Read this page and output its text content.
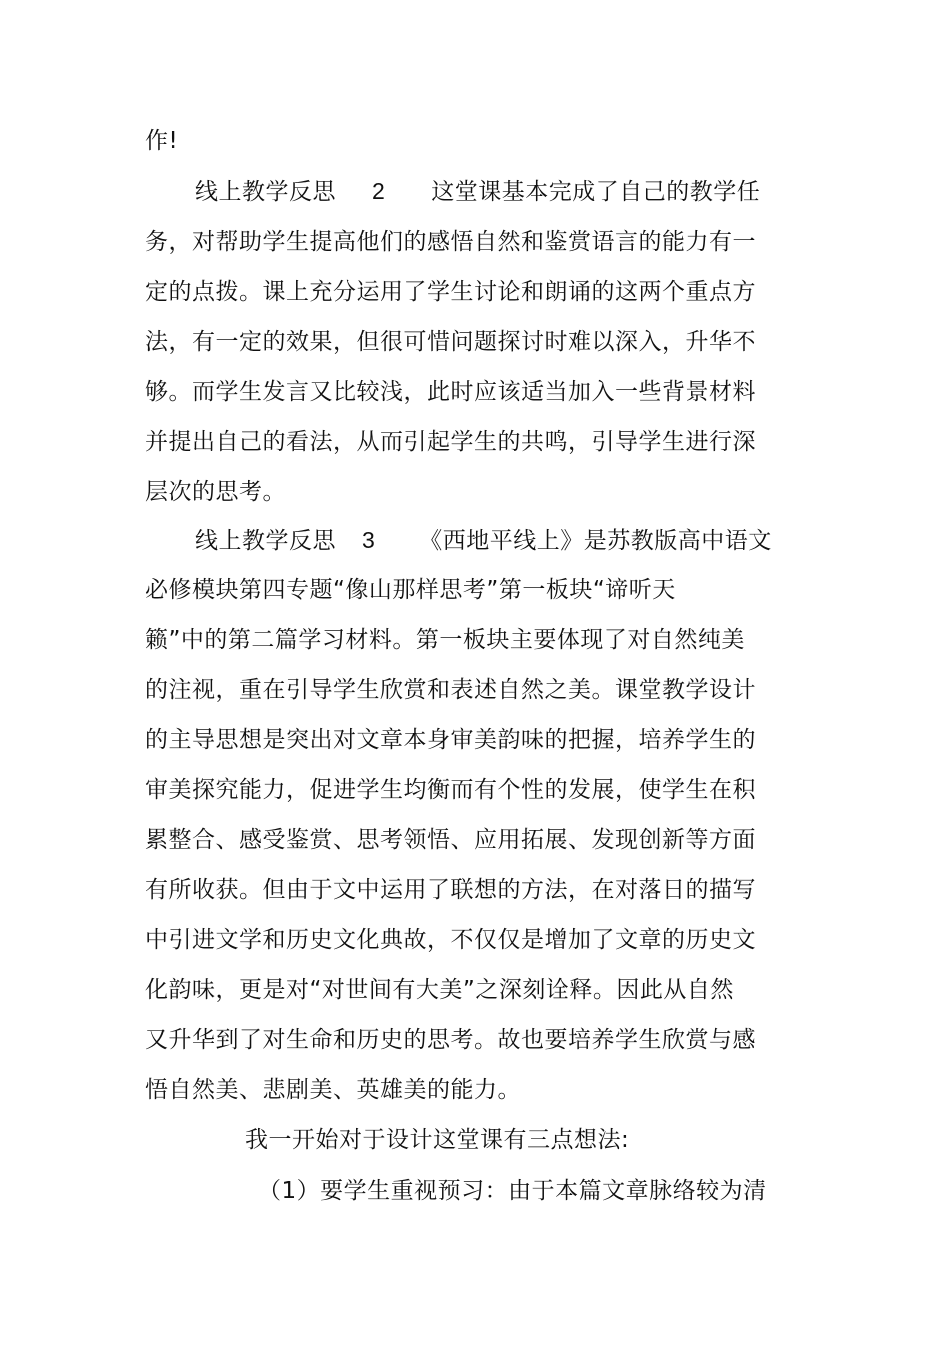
作!
线上教学反思 2 这堂课基本完成了自己的教学任
务，对帮助学生提高他们的感悟自然和鉴赏语言的能力有一
定的点拨。课上充分运用了学生讨论和朗诵的这两个重点方
法，有一定的效果，但很可惜问题探讨时难以深入，升华不
够。而学生发言又比较浅，此时应该适当加入一些背景材料
并提出自己的看法，从而引起学生的共鸣，引导学生进行深
层次的思考。
线上教学反思 3 《西地平线上》是苏教版高中语文
必修模块第四专题“像山那样思考”第一板块“谛听天
籁”中的第二篇学习材料。第一板块主要体现了对自然纯美
的注视，重在引导学生欣赏和表述自然之美。课堂教学设计
的主导思想是突出对文章本身审美韵味的把握，培养学生的
审美探究能力，促进学生均衡而有个性的发展，使学生在积
累整合、感受鉴赏、思考领悟、应用拓展、发现创新等方面
有所收获。但由于文中运用了联想的方法，在对落日的描写
中引进文学和历史文化典故，不仅仅是增加了文章的历史文
化韵味，更是对“对世间有大美”之深刻诠释。因此从自然
又升华到了对生命和历史的思考。故也要培养学生欣赏与感
悟自然美、悲剧美、英雄美的能力。
我一开始对于设计这堂课有三点想法:
（1）要学生重视预习：由于本篇文章脉络较为清
